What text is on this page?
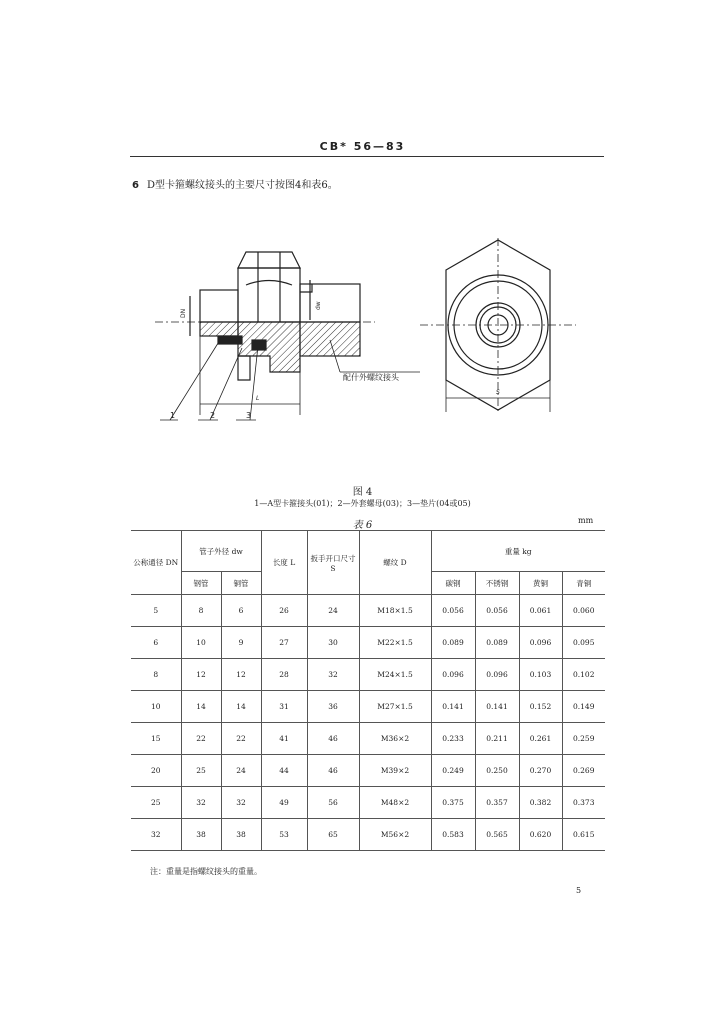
CB* 56—83
6 D型卡箍螺纹接头的主要尺寸按图4和表6。
1	2	3
配什外螺纹接头
DN
dw
L
S
图 4
1—A型卡箍接头(01)；2—外套螺母(03)；3—垫片(04或05)
表 6	mm
公称通径 DN	管子外径 dw		长度 L	扳手开口尺寸 S	螺纹 D	重量 kg			
	钢管	铜管				碳钢	不锈钢	黄铜	青铜
5	8	6	26	24	M18×1.5	0.056	0.056	0.061	0.060
6	10	9	27	30	M22×1.5	0.089	0.089	0.096	0.095
8	12	12	28	32	M24×1.5	0.096	0.096	0.103	0.102
10	14	14	31	36	M27×1.5	0.141	0.141	0.152	0.149
15	22	22	41	46	M36×2	0.233	0.211	0.261	0.259
20	25	24	44	46	M39×2	0.249	0.250	0.270	0.269
25	32	32	49	56	M48×2	0.375	0.357	0.382	0.373
32	38	38	53	65	M56×2	0.583	0.565	0.620	0.615
注：重量是指螺纹接头的重量。
5
